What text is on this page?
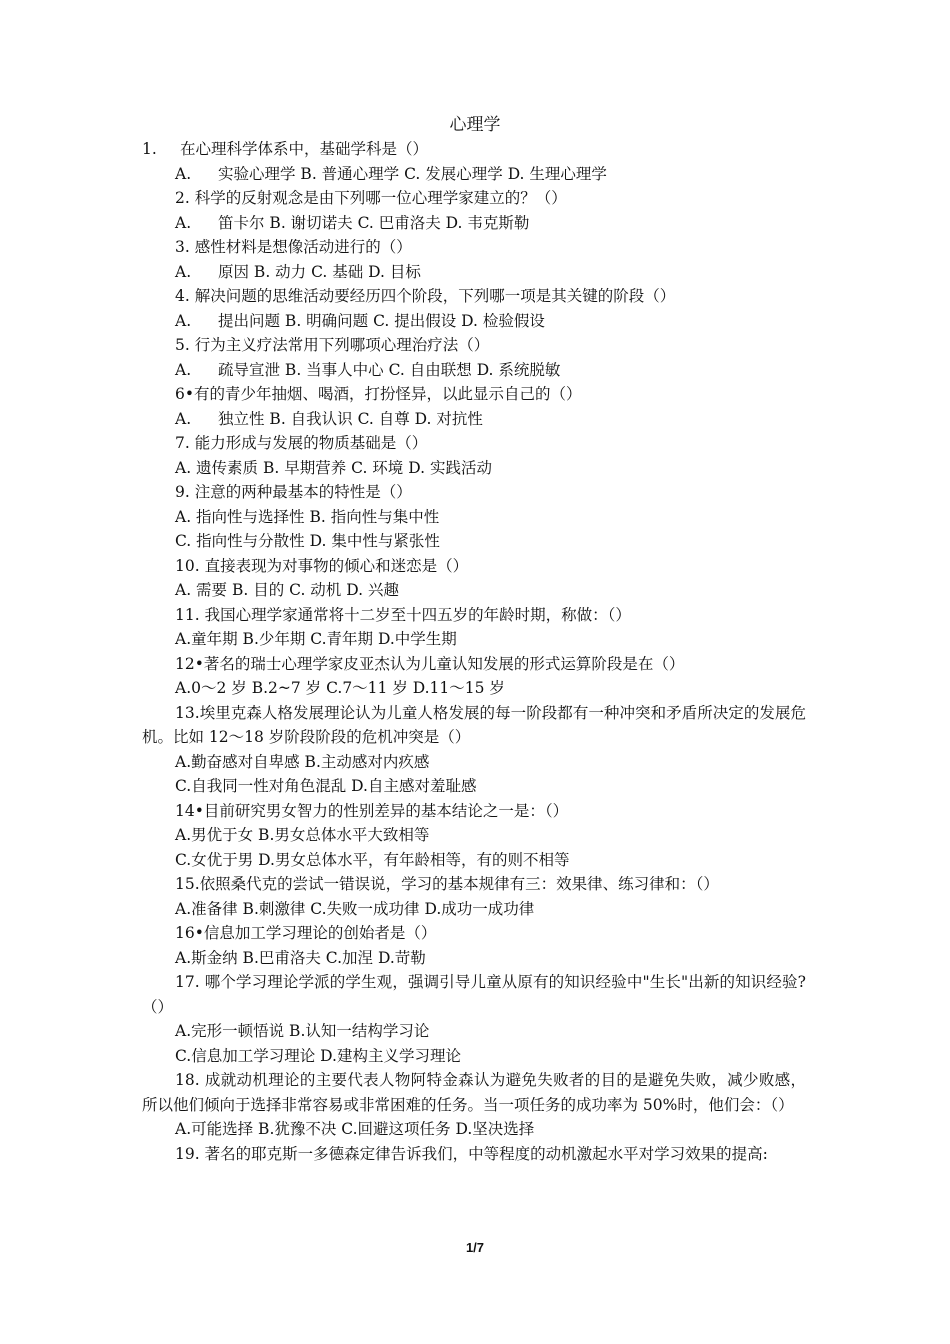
心理学
1. 在心理科学体系中，基础学科是（）
A. 实验心理学 B. 普通心理学 C. 发展心理学 D. 生理心理学
2. 科学的反射观念是由下列哪一位心理学家建立的？（）
A. 笛卡尔 B. 谢切诺夫 C. 巴甫洛夫 D. 韦克斯勒
3. 感性材料是想像活动进行的（）
A. 原因 B. 动力 C. 基础 D. 目标
4. 解决问题的思维活动要经历四个阶段，下列哪一项是其关键的阶段（）
A. 提出问题 B. 明确问题 C. 提出假设 D. 检验假设
5. 行为主义疗法常用下列哪项心理治疗法（）
A. 疏导宣泄 B. 当事人中心 C. 自由联想 D. 系统脱敏
6•有的青少年抽烟、喝酒，打扮怪异，以此显示自己的（）
A. 独立性 B. 自我认识 C. 自尊 D. 对抗性
7. 能力形成与发展的物质基础是（）
A. 遗传素质 B. 早期营养 C. 环境 D. 实践活动
9. 注意的两种最基本的特性是（）
A. 指向性与选择性 B. 指向性与集中性
C. 指向性与分散性 D. 集中性与紧张性
10. 直接表现为对事物的倾心和迷恋是（）
A. 需要 B. 目的 C. 动机 D. 兴趣
11. 我国心理学家通常将十二岁至十四五岁的年龄时期，称做：（）
A.童年期 B.少年期 C.青年期 D.中学生期
12•著名的瑞士心理学家皮亚杰认为儿童认知发展的形式运算阶段是在（）
A.0〜2 岁 B.2~7 岁 C.7〜11 岁 D.11〜15 岁
13.埃里克森人格发展理论认为儿童人格发展的每一阶段都有一种冲突和矛盾所决定的发展危机。比如 12〜18 岁阶段阶段的危机冲突是（）
A.勤奋感对自卑感 B.主动感对内疚感
C.自我同一性对角色混乱 D.自主感对羞耻感
14•目前研究男女智力的性别差异的基本结论之一是：（）
A.男优于女 B.男女总体水平大致相等
C.女优于男 D.男女总体水平，有年龄相等，有的则不相等
15.依照桑代克的尝试一错误说，学习的基本规律有三：效果律、练习律和：（）
A.准备律 B.刺激律 C.失败一成功律 D.成功一成功律
16•信息加工学习理论的创始者是（）
A.斯金纳 B.巴甫洛夫 C.加涅 D.苛勒
17. 哪个学习理论学派的学生观，强调引导儿童从原有的知识经验中"生长"出新的知识经验?（）
A.完形一顿悟说 B.认知一结构学习论
C.信息加工学习理论 D.建构主义学习理论
18. 成就动机理论的主要代表人物阿特金森认为避免失败者的目的是避免失败，减少败感，所以他们倾向于选择非常容易或非常困难的任务。当一项任务的成功率为 50%时，他们会：（）
A.可能选择 B.犹豫不决 C.回避这项任务 D.坚决选择
19. 著名的耶克斯一多德森定律告诉我们，中等程度的动机激起水平对学习效果的提高:
1/7
